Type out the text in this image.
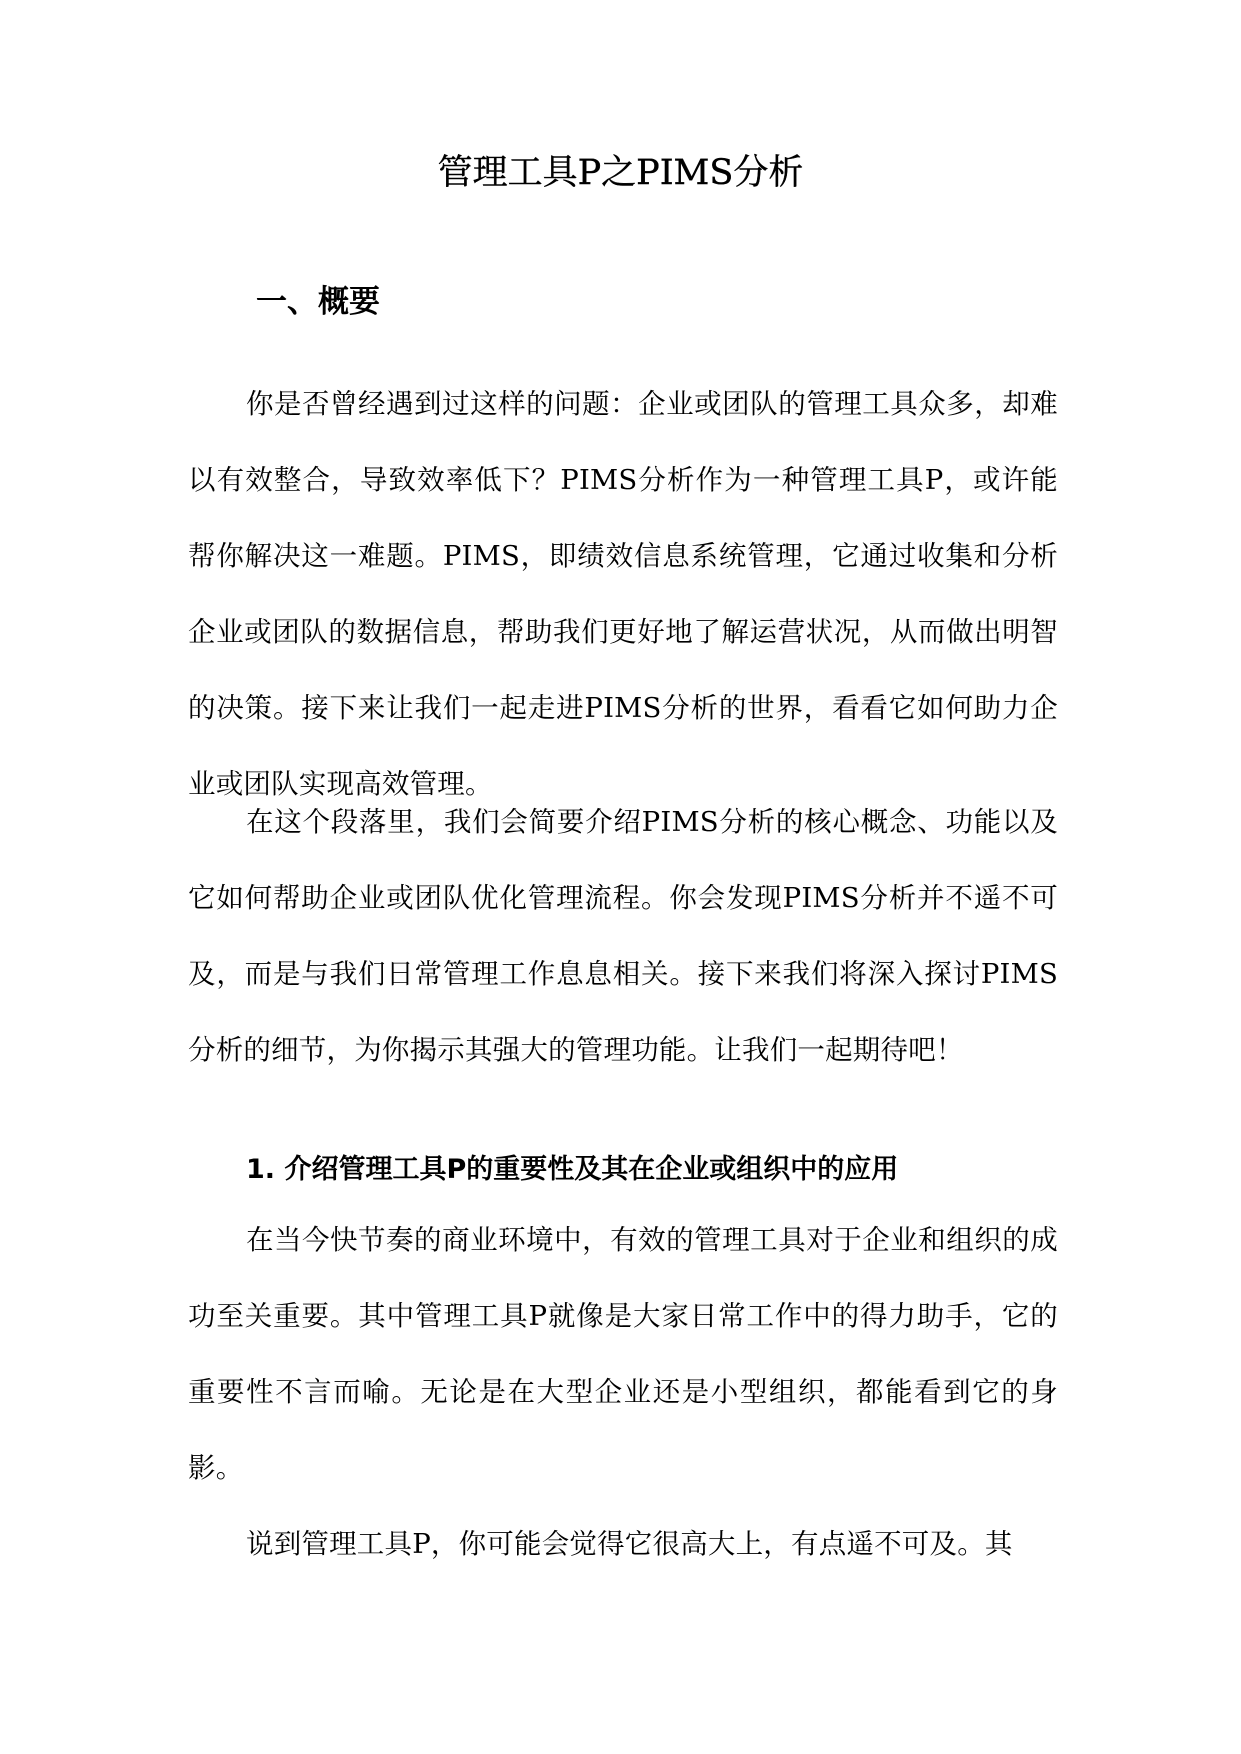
管理工具P之PIMS分析
一、概要

你是否曾经遇到过这样的问题：企业或团队的管理工具众多，却难以有效整合，导致效率低下？PIMS分析作为一种管理工具P，或许能帮你解决这一难题。PIMS，即绩效信息系统管理，它通过收集和分析企业或团队的数据信息，帮助我们更好地了解运营状况，从而做出明智的决策。接下来让我们一起走进PIMS分析的世界，看看它如何助力企业或团队实现高效管理。

在这个段落里，我们会简要介绍PIMS分析的核心概念、功能以及它如何帮助企业或团队优化管理流程。你会发现PIMS分析并不遥不可及，而是与我们日常管理工作息息相关。接下来我们将深入探讨PIMS分析的细节，为你揭示其强大的管理功能。让我们一起期待吧！

1. 介绍管理工具P的重要性及其在企业或组织中的应用

在当今快节奏的商业环境中，有效的管理工具对于企业和组织的成功至关重要。其中管理工具P就像是大家日常工作中的得力助手，它的重要性不言而喻。无论是在大型企业还是小型组织，都能看到它的身影。

说到管理工具P，你可能会觉得它很高大上，有点遥不可及。其
